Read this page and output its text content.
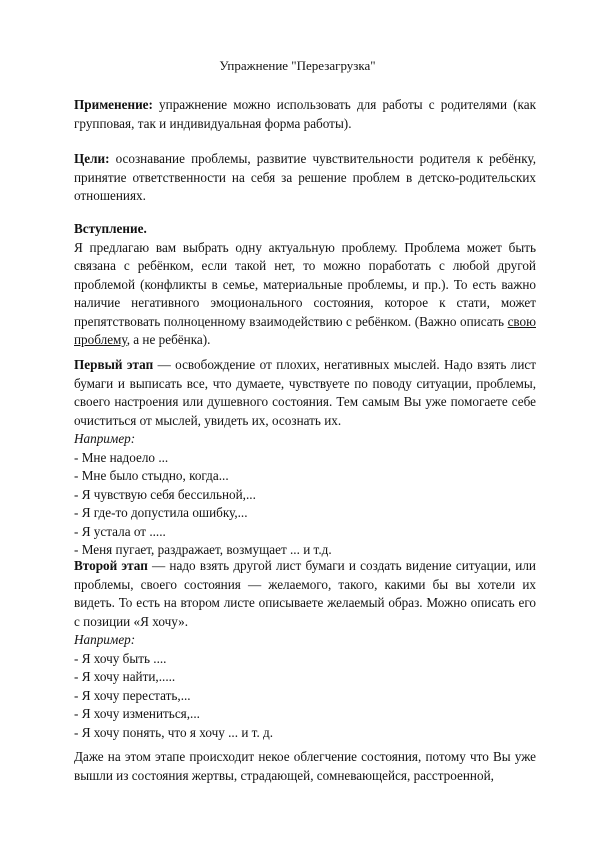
Упражнение "Перезагрузка"
Применение: упражнение можно использовать для работы с родителями (как групповая, так и индивидуальная форма работы).
Цели: осознавание проблемы, развитие чувствительности родителя к ребёнку, принятие ответственности на себя за решение проблем в детско-родительских отношениях.
Вступление.
Я предлагаю вам выбрать одну актуальную проблему. Проблема может быть связана с ребёнком, если такой нет, то можно поработать с любой другой проблемой (конфликты в семье, материальные проблемы, и пр.). То есть важно наличие негативного эмоционального состояния, которое к стати, может препятствовать полноценному взаимодействию с ребёнком. (Важно описать свою проблему, а не ребёнка).
Первый этап — освобождение от плохих, негативных мыслей. Надо взять лист бумаги и выписать все, что думаете, чувствуете по поводу ситуации, проблемы, своего настроения или душевного состояния. Тем самым Вы уже помогаете себе очиститься от мыслей, увидеть их, осознать их.
Например:
- Мне надоело ...
- Мне было стыдно, когда...
- Я чувствую себя бессильной,...
- Я где-то допустила ошибку,...
- Я устала от .....
- Меня пугает, раздражает, возмущает ... и т.д.
Второй этап — надо взять другой лист бумаги и создать видение ситуации, или проблемы, своего состояния — желаемого, такого, какими бы вы хотели их видеть. То есть на втором листе описываете желаемый образ. Можно описать его с позиции «Я хочу».
Например:
- Я хочу быть ....
- Я хочу найти,.....
- Я хочу перестать,...
- Я хочу измениться,...
- Я хочу понять, что я хочу ... и т. д.
Даже на этом этапе происходит некое облегчение состояния, потому что Вы уже вышли из состояния жертвы, страдающей, сомневающейся, расстроенной,
